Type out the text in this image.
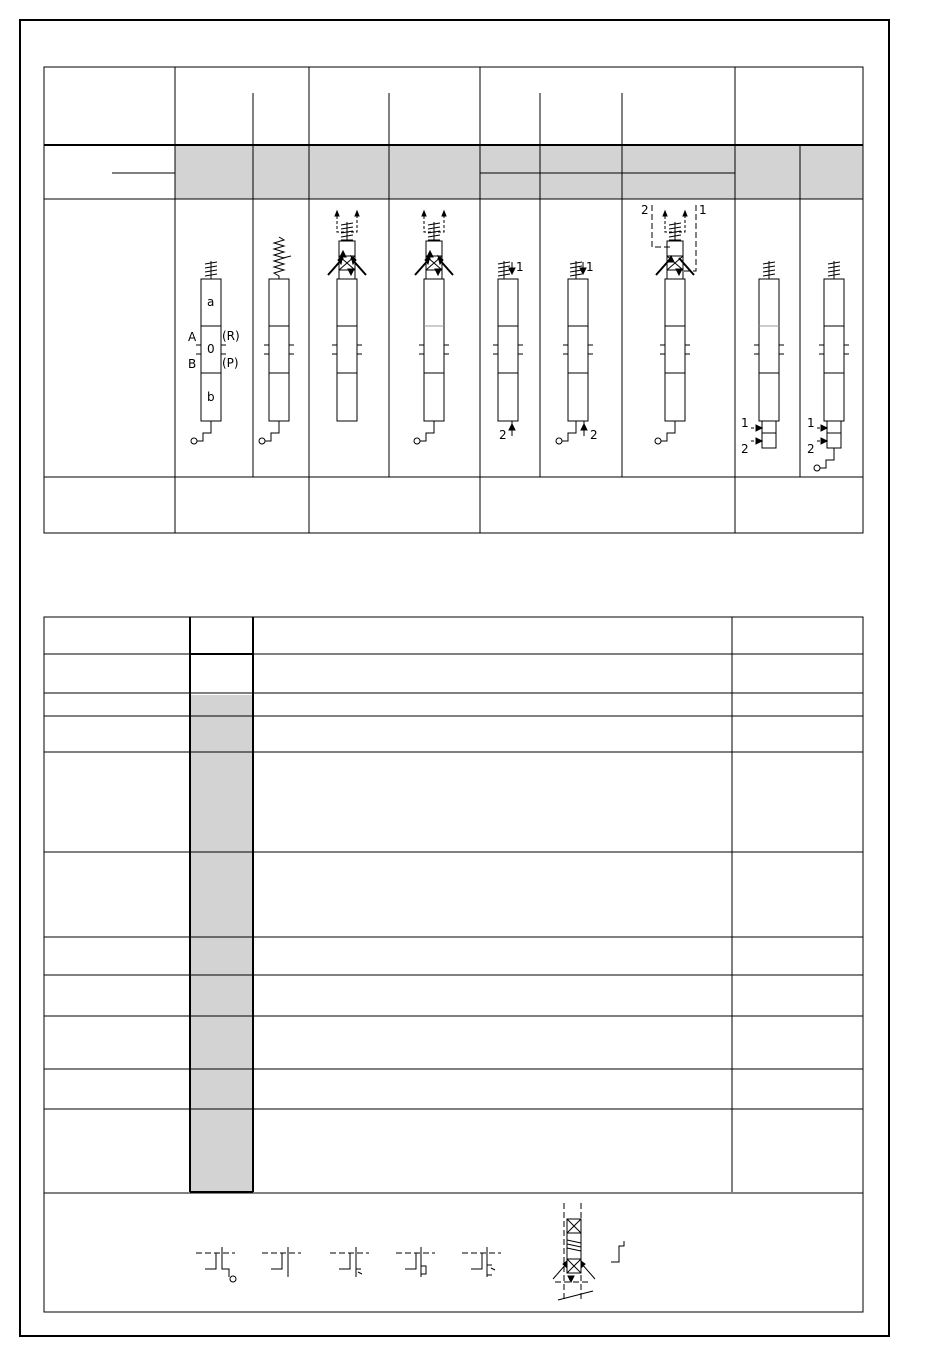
a
0
b
A
B
(R)
(P)
1
2
1
2
2	1
1
2
1
2
